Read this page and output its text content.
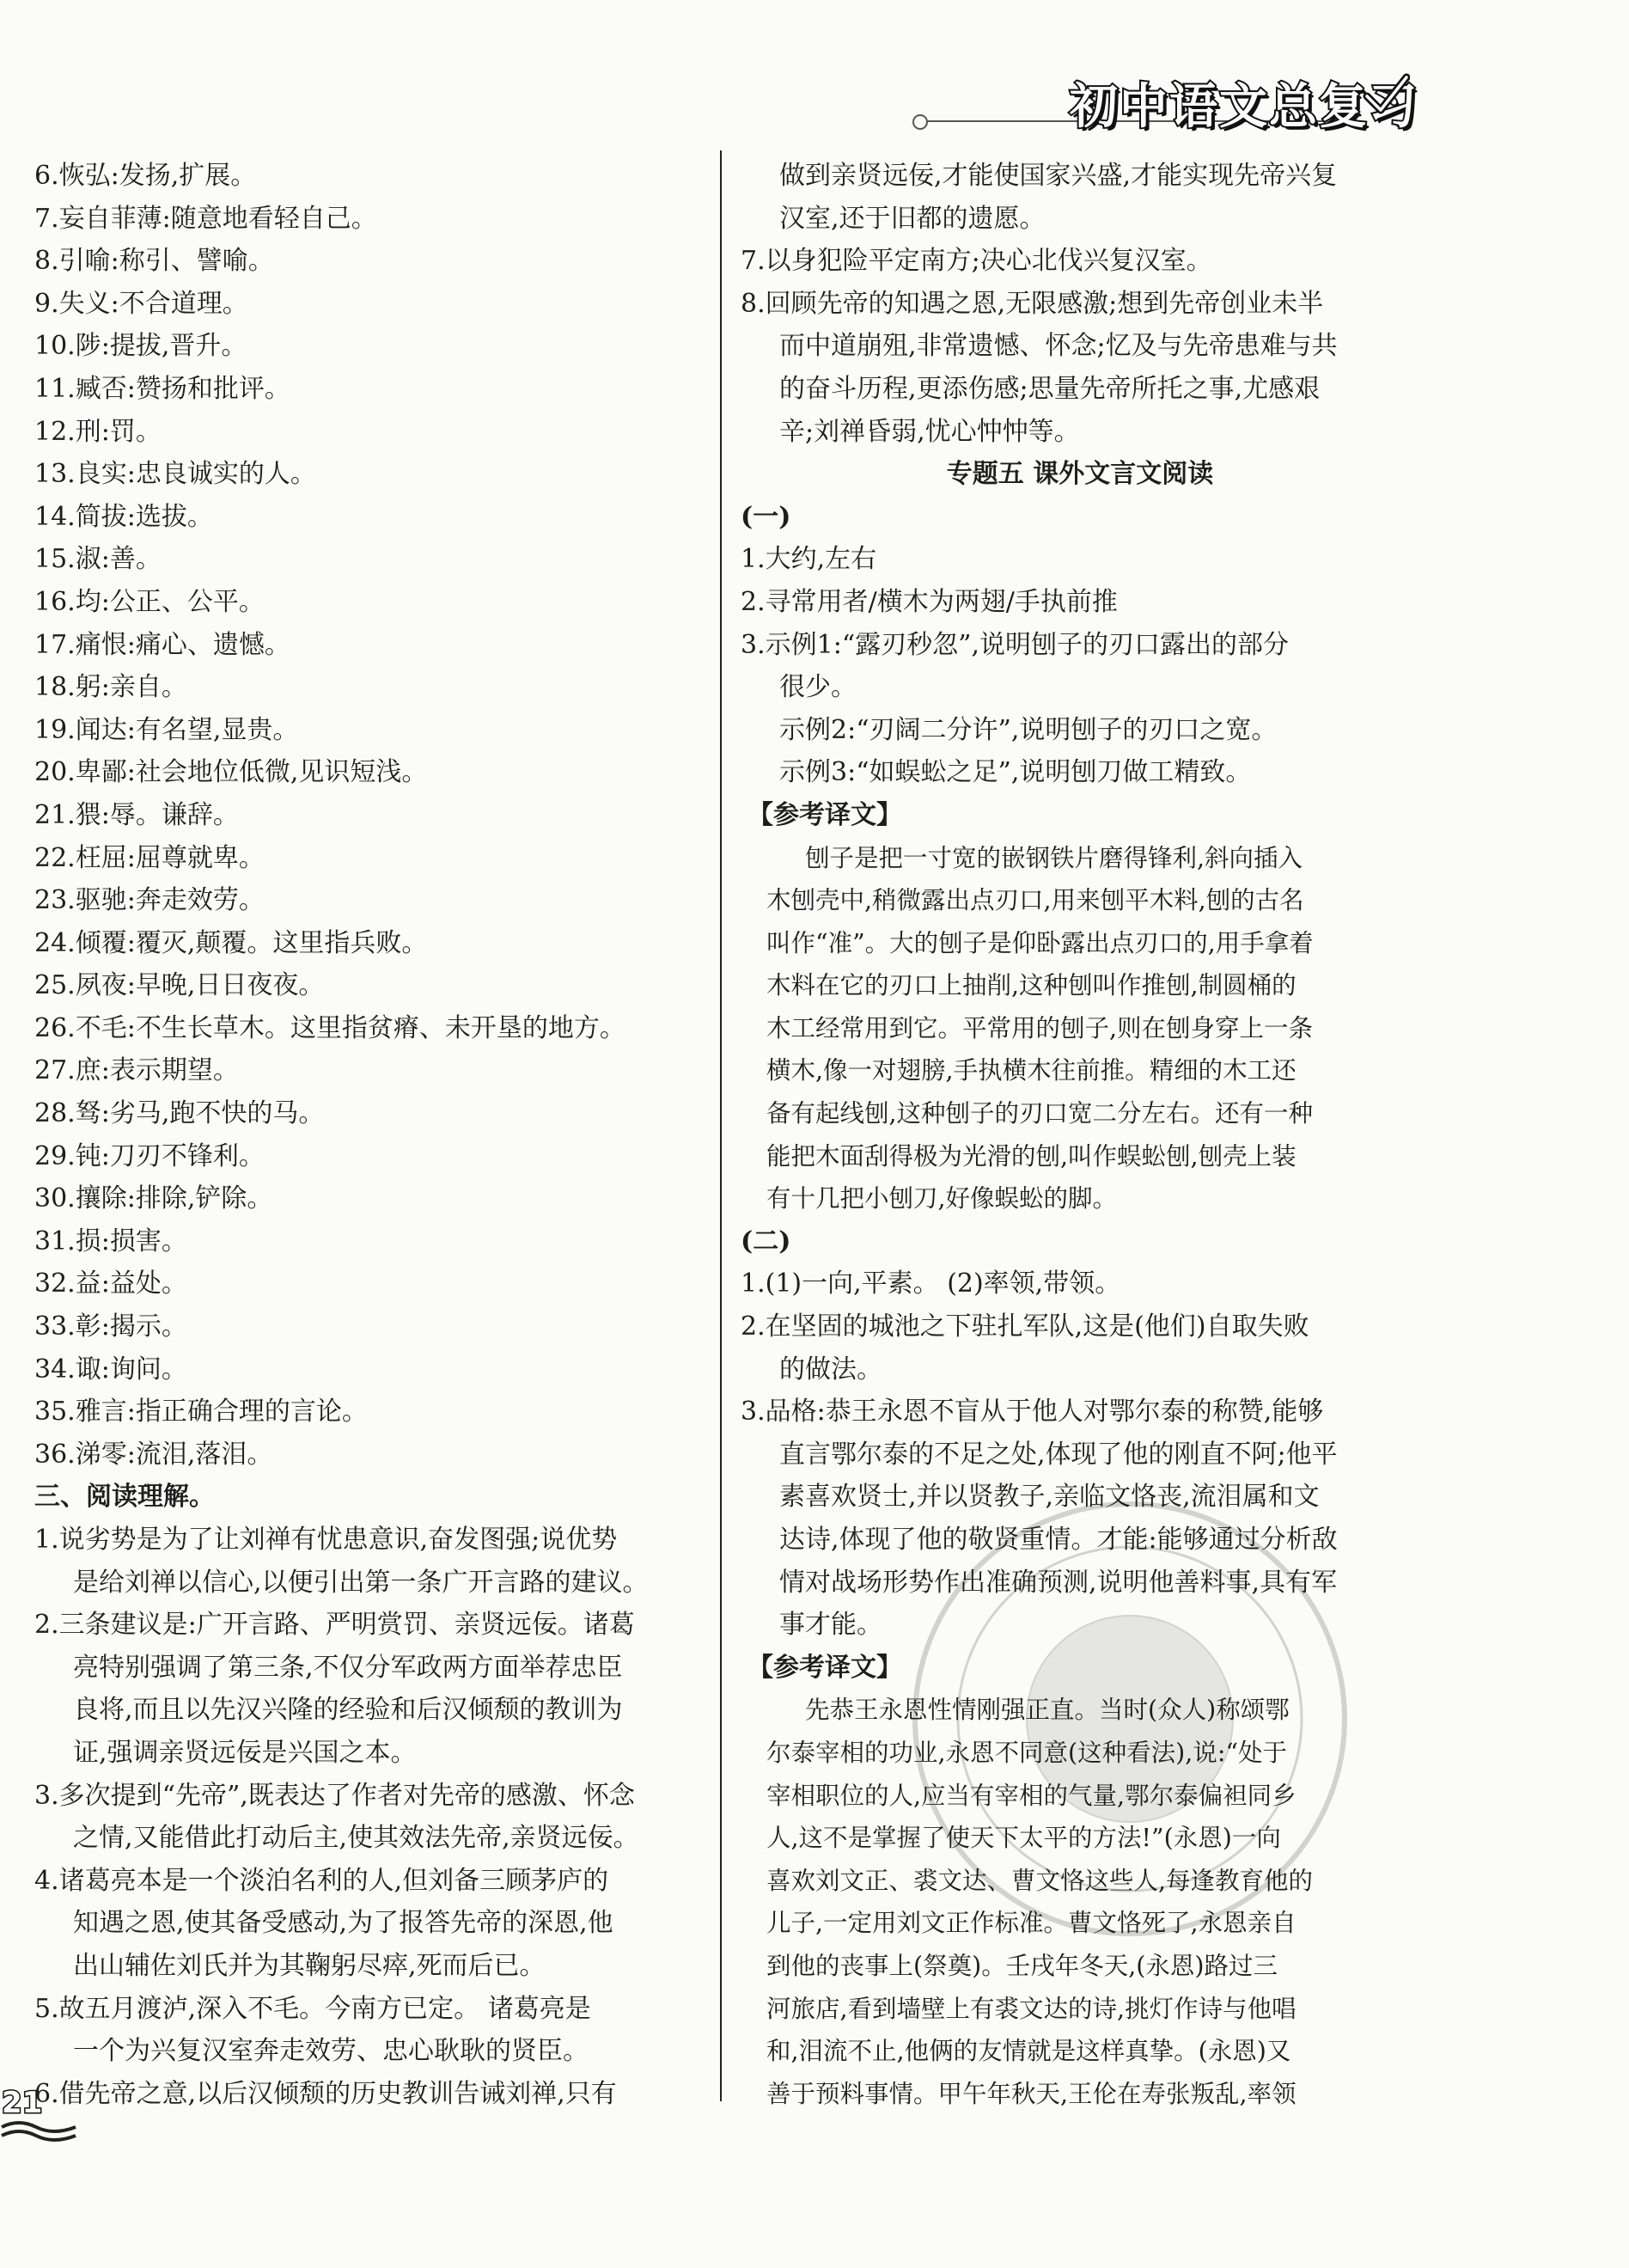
初中语文总复习
6.恢弘:发扬,扩展。
7.妄自菲薄:随意地看轻自己。
8.引喻:称引、譬喻。
9.失义:不合道理。
10.陟:提拔,晋升。
11.臧否:赞扬和批评。
12.刑:罚。
13.良实:忠良诚实的人。
14.简拔:选拔。
15.淑:善。
16.均:公正、公平。
17.痛恨:痛心、遗憾。
18.躬:亲自。
19.闻达:有名望,显贵。
20.卑鄙:社会地位低微,见识短浅。
21.猥:辱。谦辞。
22.枉屈:屈尊就卑。
23.驱驰:奔走效劳。
24.倾覆:覆灭,颠覆。这里指兵败。
25.夙夜:早晚,日日夜夜。
26.不毛:不生长草木。这里指贫瘠、未开垦的地方。
27.庶:表示期望。
28.驽:劣马,跑不快的马。
29.钝:刀刃不锋利。
30.攘除:排除,铲除。
31.损:损害。
32.益:益处。
33.彰:揭示。
34.诹:询问。
35.雅言:指正确合理的言论。
36.涕零:流泪,落泪。
三、阅读理解。
1.说劣势是为了让刘禅有忧患意识,奋发图强;说优势
是给刘禅以信心,以便引出第一条广开言路的建议。
2.三条建议是:广开言路、严明赏罚、亲贤远佞。诸葛
亮特别强调了第三条,不仅分军政两方面举荐忠臣
良将,而且以先汉兴隆的经验和后汉倾颓的教训为
证,强调亲贤远佞是兴国之本。
3.多次提到“先帝”,既表达了作者对先帝的感激、怀念
之情,又能借此打动后主,使其效法先帝,亲贤远佞。
4.诸葛亮本是一个淡泊名利的人,但刘备三顾茅庐的
知遇之恩,使其备受感动,为了报答先帝的深恩,他
出山辅佐刘氏并为其鞠躬尽瘁,死而后已。
5.故五月渡泸,深入不毛。今南方已定。 诸葛亮是
一个为兴复汉室奔走效劳、忠心耿耿的贤臣。
6.借先帝之意,以后汉倾颓的历史教训告诫刘禅,只有
做到亲贤远佞,才能使国家兴盛,才能实现先帝兴复
汉室,还于旧都的遗愿。
7.以身犯险平定南方;决心北伐兴复汉室。
8.回顾先帝的知遇之恩,无限感激;想到先帝创业未半
而中道崩殂,非常遗憾、怀念;忆及与先帝患难与共
的奋斗历程,更添伤感;思量先帝所托之事,尤感艰
辛;刘禅昏弱,忧心忡忡等。
专题五 课外文言文阅读
(一)
1.大约,左右
2.寻常用者/横木为两翅/手执前推
3.示例1:“露刃秒忽”,说明刨子的刃口露出的部分
很少。
示例2:“刃阔二分许”,说明刨子的刃口之宽。
示例3:“如蜈蚣之足”,说明刨刀做工精致。
【参考译文】
刨子是把一寸宽的嵌钢铁片磨得锋利,斜向插入
木刨壳中,稍微露出点刃口,用来刨平木料,刨的古名
叫作“准”。大的刨子是仰卧露出点刃口的,用手拿着
木料在它的刃口上抽削,这种刨叫作推刨,制圆桶的
木工经常用到它。平常用的刨子,则在刨身穿上一条
横木,像一对翅膀,手执横木往前推。精细的木工还
备有起线刨,这种刨子的刃口宽二分左右。还有一种
能把木面刮得极为光滑的刨,叫作蜈蚣刨,刨壳上装
有十几把小刨刀,好像蜈蚣的脚。
(二)
1.(1)一向,平素。 (2)率领,带领。
2.在坚固的城池之下驻扎军队,这是(他们)自取失败
的做法。
3.品格:恭王永恩不盲从于他人对鄂尔泰的称赞,能够
直言鄂尔泰的不足之处,体现了他的刚直不阿;他平
素喜欢贤士,并以贤教子,亲临文恪丧,流泪属和文
达诗,体现了他的敬贤重情。才能:能够通过分析敌
情对战场形势作出准确预测,说明他善料事,具有军
事才能。
【参考译文】
先恭王永恩性情刚强正直。当时(众人)称颂鄂
尔泰宰相的功业,永恩不同意(这种看法),说:“处于
宰相职位的人,应当有宰相的气量,鄂尔泰偏袒同乡
人,这不是掌握了使天下太平的方法!”(永恩)一向
喜欢刘文正、裘文达、曹文恪这些人,每逢教育他的
儿子,一定用刘文正作标准。曹文恪死了,永恩亲自
到他的丧事上(祭奠)。壬戌年冬天,(永恩)路过三
河旅店,看到墙壁上有裘文达的诗,挑灯作诗与他唱
和,泪流不止,他俩的友情就是这样真挚。(永恩)又
善于预料事情。甲午年秋天,王伦在寿张叛乱,率领
21
